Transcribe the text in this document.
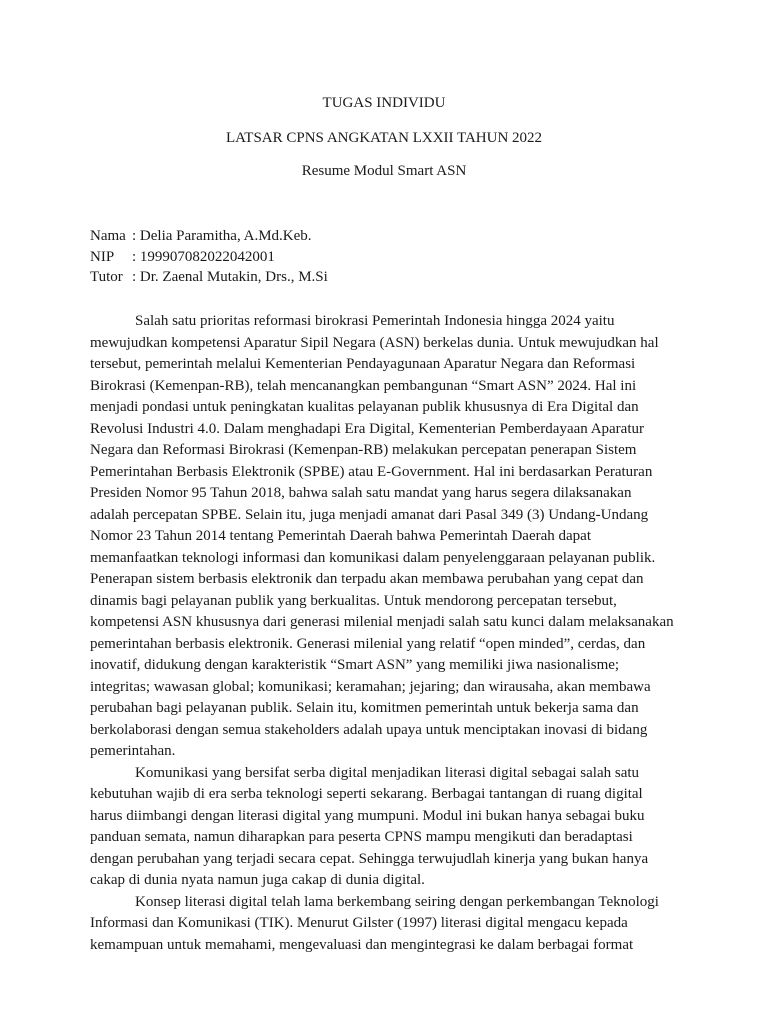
TUGAS INDIVIDU
LATSAR CPNS ANGKATAN LXXII TAHUN 2022
Resume Modul Smart ASN
Nama : Delia Paramitha, A.Md.Keb.
NIP	: 199907082022042001
Tutor : Dr. Zaenal Mutakin, Drs., M.Si

Salah satu prioritas reformasi birokrasi Pemerintah Indonesia hingga 2024 yaitu
mewujudkan kompetensi Aparatur Sipil Negara (ASN) berkelas dunia. Untuk mewujudkan hal
tersebut, pemerintah melalui Kementerian Pendayagunaan Aparatur Negara dan Reformasi
Birokrasi (Kemenpan-RB), telah mencanangkan pembangunan “Smart ASN” 2024. Hal ini
menjadi pondasi untuk peningkatan kualitas pelayanan publik khususnya di Era Digital dan
Revolusi Industri 4.0. Dalam menghadapi Era Digital, Kementerian Pemberdayaan Aparatur
Negara dan Reformasi Birokrasi (Kemenpan-RB) melakukan percepatan penerapan Sistem
Pemerintahan Berbasis Elektronik (SPBE) atau E-Government. Hal ini berdasarkan Peraturan
Presiden Nomor 95 Tahun 2018, bahwa salah satu mandat yang harus segera dilaksanakan
adalah percepatan SPBE. Selain itu, juga menjadi amanat dari Pasal 349 (3) Undang-Undang
Nomor 23 Tahun 2014 tentang Pemerintah Daerah bahwa Pemerintah Daerah dapat
memanfaatkan teknologi informasi dan komunikasi dalam penyelenggaraan pelayanan publik.
Penerapan sistem berbasis elektronik dan terpadu akan membawa perubahan yang cepat dan
dinamis bagi pelayanan publik yang berkualitas. Untuk mendorong percepatan tersebut,
kompetensi ASN khususnya dari generasi milenial menjadi salah satu kunci dalam melaksanakan
pemerintahan berbasis elektronik. Generasi milenial yang relatif “open minded”, cerdas, dan
inovatif, didukung dengan karakteristik “Smart ASN” yang memiliki jiwa nasionalisme;
integritas; wawasan global; komunikasi; keramahan; jejaring; dan wirausaha, akan membawa
perubahan bagi pelayanan publik. Selain itu, komitmen pemerintah untuk bekerja sama dan
berkolaborasi dengan semua stakeholders adalah upaya untuk menciptakan inovasi di bidang
pemerintahan.

Komunikasi yang bersifat serba digital menjadikan literasi digital sebagai salah satu
kebutuhan wajib di era serba teknologi seperti sekarang. Berbagai tantangan di ruang digital
harus diimbangi dengan literasi digital yang mumpuni. Modul ini bukan hanya sebagai buku
panduan semata, namun diharapkan para peserta CPNS mampu mengikuti dan beradaptasi
dengan perubahan yang terjadi secara cepat. Sehingga terwujudlah kinerja yang bukan hanya
cakap di dunia nyata namun juga cakap di dunia digital.

Konsep literasi digital telah lama berkembang seiring dengan perkembangan Teknologi
Informasi dan Komunikasi (TIK). Menurut Gilster (1997) literasi digital mengacu kepada
kemampuan untuk memahami, mengevaluasi dan mengintegrasi ke dalam berbagai format
